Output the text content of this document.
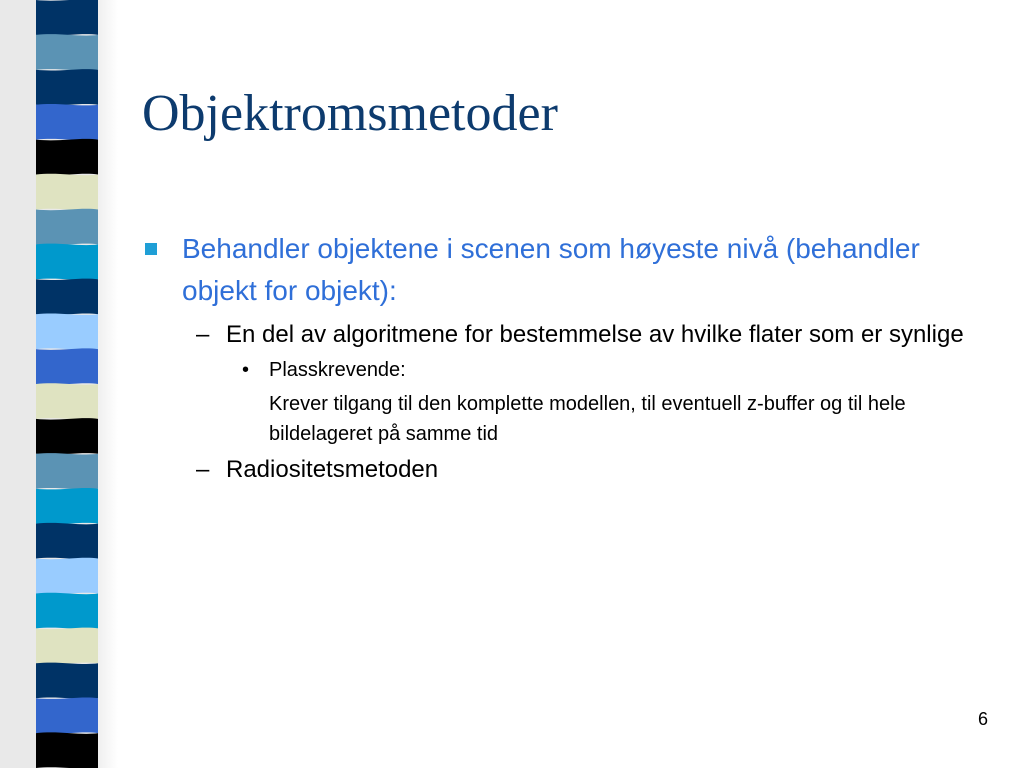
Objektromsmetoder
Behandler objektene i scenen som høyeste nivå (behandler objekt for objekt):
– En del av algoritmene for bestemmelse av hvilke flater som er synlige
• Plasskrevende:
Krever tilgang til den komplette modellen, til eventuell z-buffer og til hele bildelageret på samme tid
– Radiositetsmetoden
6
